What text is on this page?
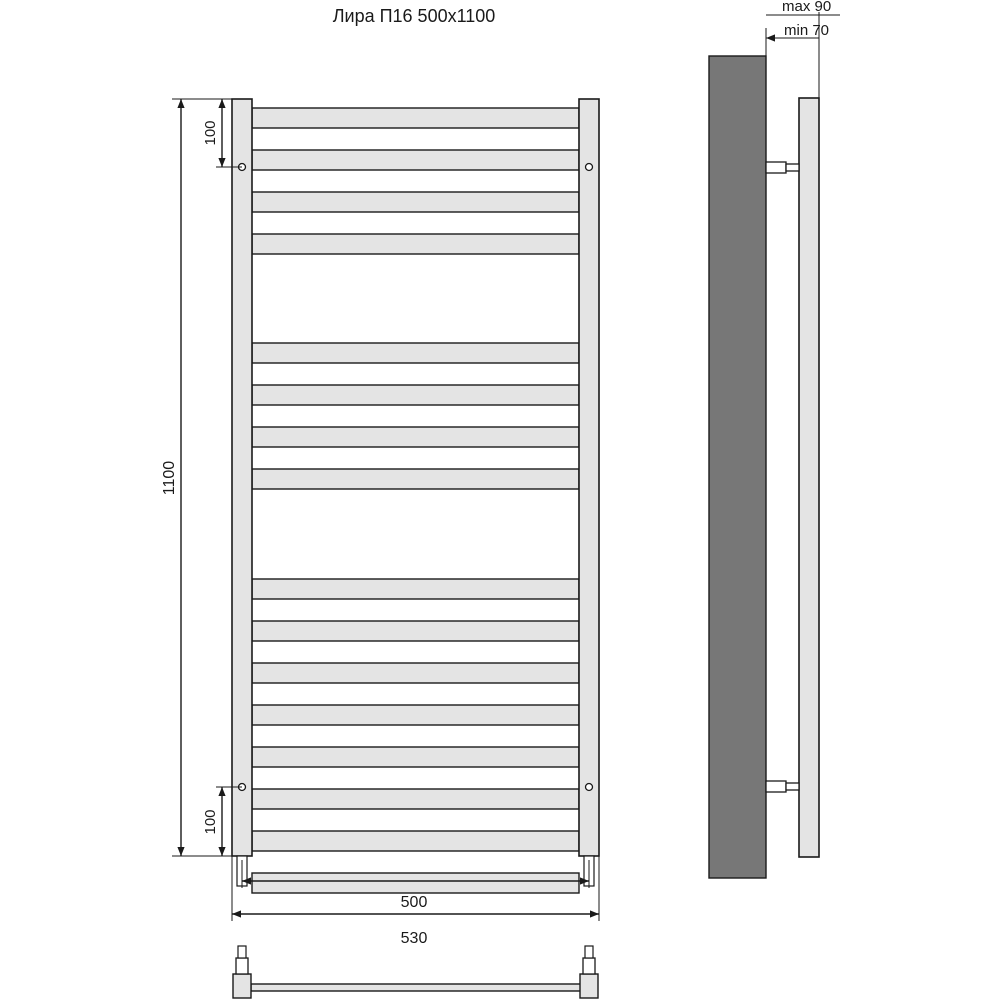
Лира П16 500х1100
1100
100
100
500
530
max 90
min 70
